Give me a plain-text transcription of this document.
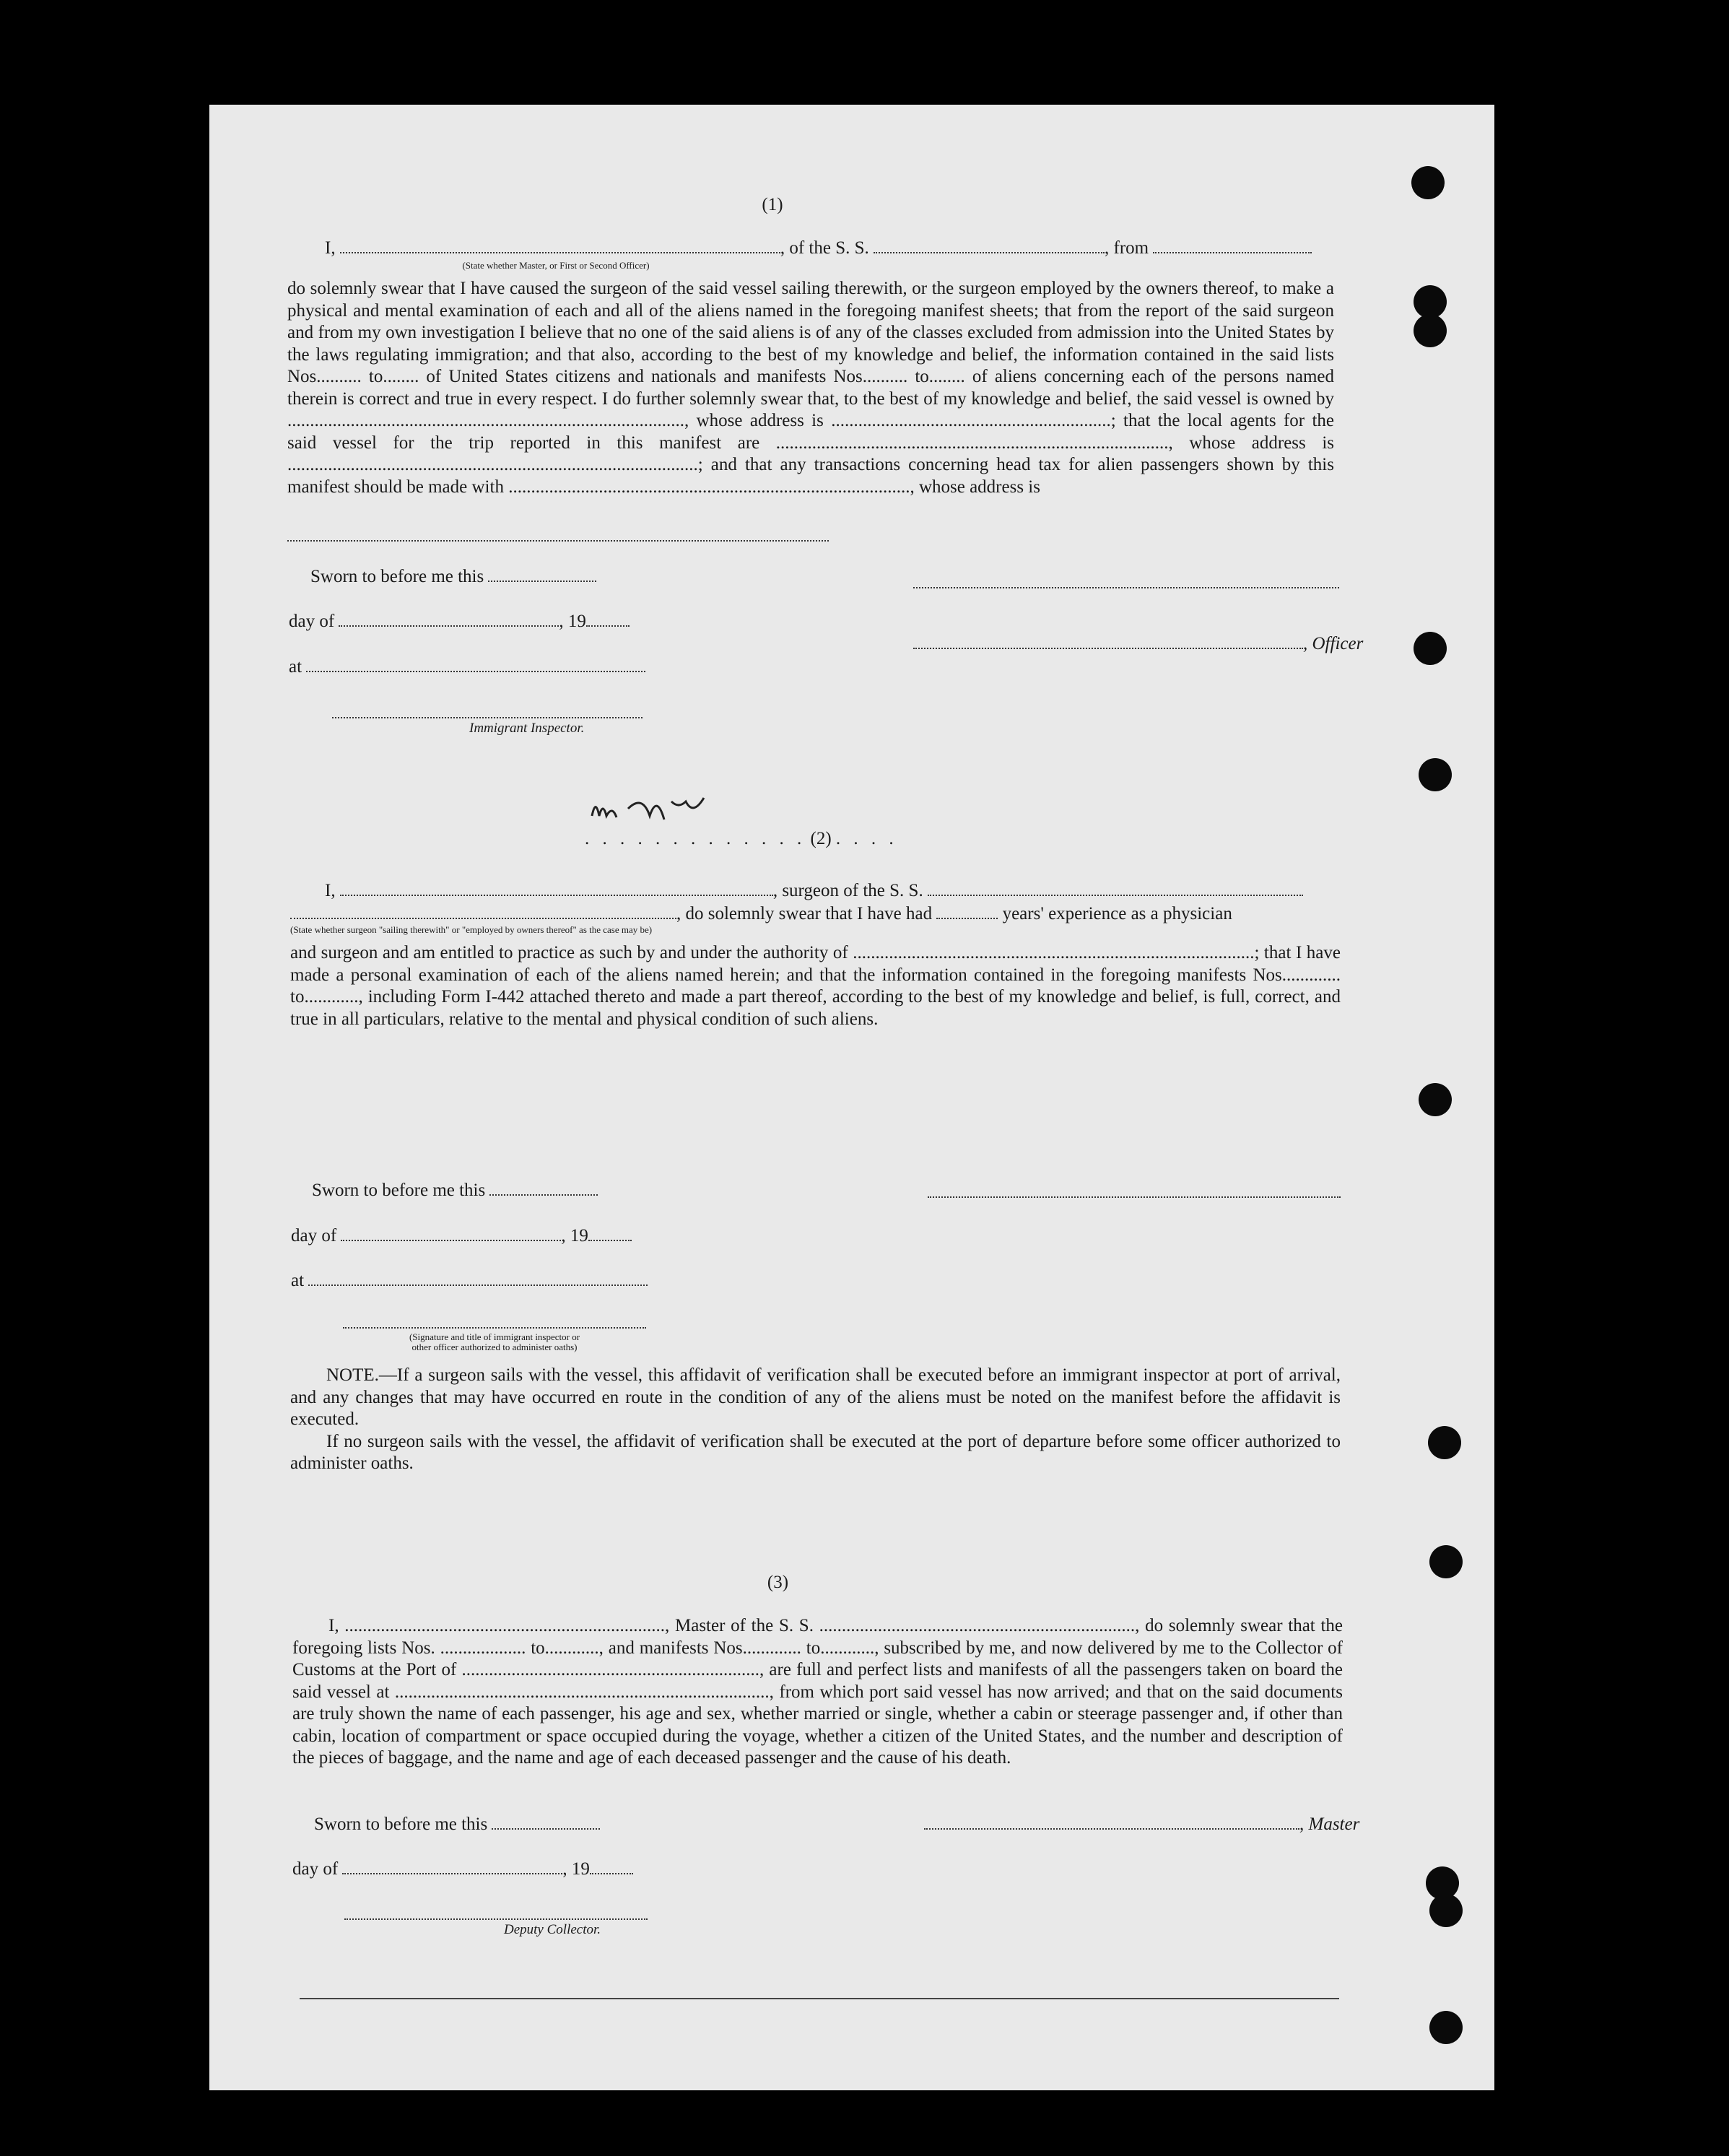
(1)
I,	, of the S. S.	, from
(State whether Master, or First or Second Officer)
do solemnly swear that I have caused the surgeon of the said vessel sailing therewith, or the surgeon employed by the owners thereof, to make a physical and mental examination of each and all of the aliens named in the foregoing manifest sheets; that from the report of the said surgeon and from my own investigation I believe that no one of the said aliens is of any of the classes excluded from admission into the United States by the laws regulating immigration; and that also, according to the best of my knowledge and belief, the information contained in the said lists Nos.......... to........ of United States citizens and nationals and manifests Nos.......... to........ of aliens concerning each of the persons named therein is correct and true in every respect. I do further solemnly swear that, to the best of my knowledge and belief, the said vessel is owned by ........................................................................................, whose address is ..............................................................; that the local agents for the said vessel for the trip reported in this manifest are ......................................................................................., whose address is ...........................................................................................; and that any transactions concerning head tax for alien passengers shown by this manifest should be made with ........................................................................................., whose address is
Sworn to before me this
day of	, 19
, Officer
at
Immigrant Inspector.
. . . . . . . . . . . . . (2) . . . .
I,	, surgeon of the S. S.
, do solemnly swear that I have had	years' experience as a physician
(State whether surgeon "sailing therewith" or "employed by owners thereof" as the case may be)
and surgeon and am entitled to practice as such by and under the authority of .........................................................................................; that I have made a personal examination of each of the aliens named herein; and that the information contained in the foregoing manifests Nos............. to............, including Form I-442 attached thereto and made a part thereof, according to the best of my knowledge and belief, is full, correct, and true in all particulars, relative to the mental and physical condition of such aliens.
Sworn to before me this
day of	, 19
at
(Signature and title of immigrant inspector or
other officer authorized to administer oaths)
NOTE.—If a surgeon sails with the vessel, this affidavit of verification shall be executed before an immigrant inspector at port of arrival, and any changes that may have occurred en route in the condition of any of the aliens must be noted on the manifest before the affidavit is executed.
If no surgeon sails with the vessel, the affidavit of verification shall be executed at the port of departure before some officer authorized to administer oaths.
(3)
I, ......................................................................., Master of the S. S. ......................................................................, do solemnly swear that the foregoing lists Nos. ................... to............, and manifests Nos............. to............, subscribed by me, and now delivered by me to the Collector of Customs at the Port of .................................................................., are full and perfect lists and manifests of all the passengers taken on board the said vessel at ..................................................................................., from which port said vessel has now arrived; and that on the said documents are truly shown the name of each passenger, his age and sex, whether married or single, whether a cabin or steerage passenger and, if other than cabin, location of compartment or space occupied during the voyage, whether a citizen of the United States, and the number and description of the pieces of baggage, and the name and age of each deceased passenger and the cause of his death.
Sworn to before me this	, Master
day of	, 19
Deputy Collector.
